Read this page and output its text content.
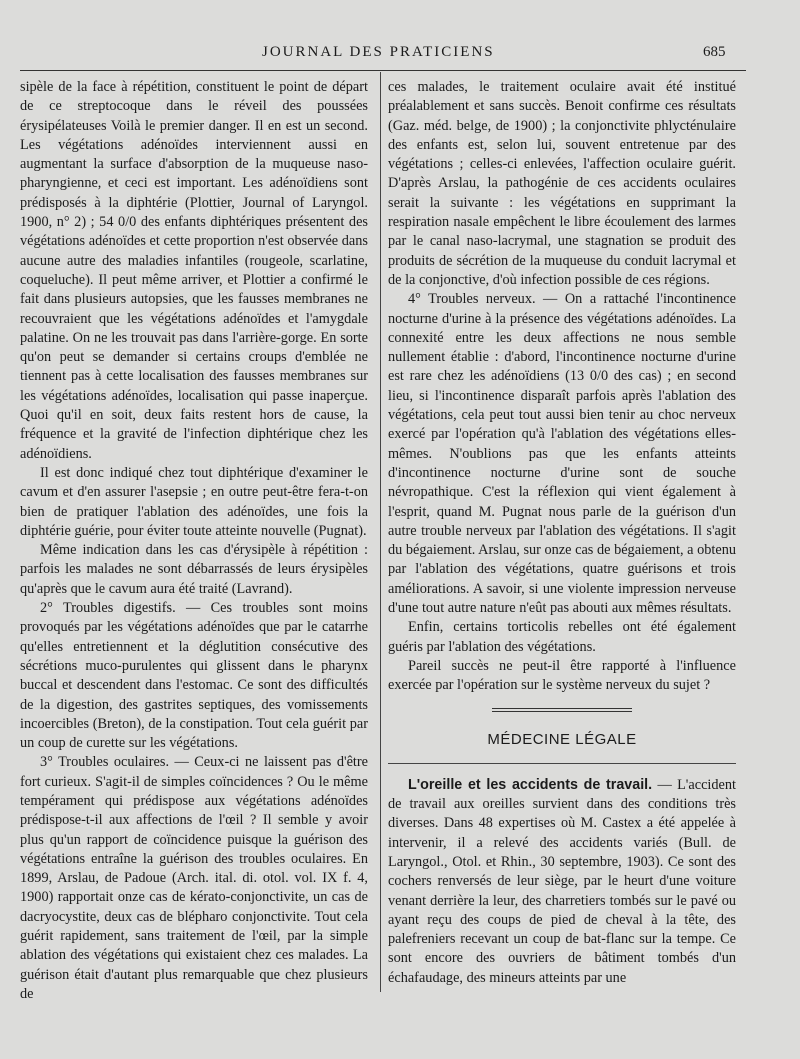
JOURNAL DES PRATICIENS	685

sipèle de la face à répétition, constituent le point de départ de ce streptocoque dans le réveil des poussées érysipélateuses Voilà le premier danger. Il en est un second. Les végétations adénoïdes interviennent aussi en augmentant la surface d'absorption de la muqueuse naso-pharyngienne, et ceci est important. Les adénoïdiens sont prédisposés à la diphtérie (Plottier, Journal of Laryngol. 1900, n° 2) ; 54 0/0 des enfants diphtériques présentent des végétations adénoïdes et cette proportion n'est observée dans aucune autre des maladies infantiles (rougeole, scarlatine, coqueluche). Il peut même arriver, et Plottier a confirmé le fait dans plusieurs autopsies, que les fausses membranes ne recouvraient que les végétations adénoïdes et l'amygdale palatine. On ne les trouvait pas dans l'arrière-gorge. En sorte qu'on peut se demander si certains croups d'emblée ne tiennent pas à cette localisation des fausses membranes sur les végétations adénoïdes, localisation qui passe inaperçue. Quoi qu'il en soit, deux faits restent hors de cause, la fréquence et la gravité de l'infection diphtérique chez les adénoïdiens.

Il est donc indiqué chez tout diphtérique d'examiner le cavum et d'en assurer l'asepsie ; en outre peut-être fera-t-on bien de pratiquer l'ablation des adénoïdes, une fois la diphtérie guérie, pour éviter toute atteinte nouvelle (Pugnat).

Même indication dans les cas d'érysipèle à répétition : parfois les malades ne sont débarrassés de leurs érysipèles qu'après que le cavum aura été traité (Lavrand).

2° Troubles digestifs. — Ces troubles sont moins provoqués par les végétations adénoïdes que par le catarrhe qu'elles entretiennent et la déglutition consécutive des sécrétions muco-purulentes qui glissent dans le pharynx buccal et descendent dans l'estomac. Ce sont des difficultés de la digestion, des gastrites septiques, des vomissements incoercibles (Breton), de la constipation. Tout cela guérit par un coup de curette sur les végétations.

3° Troubles oculaires. — Ceux-ci ne laissent pas d'être fort curieux. S'agit-il de simples coïncidences ? Ou le même tempérament qui prédispose aux végétations adénoïdes prédispose-t-il aux affections de l'œil ? Il semble y avoir plus qu'un rapport de coïncidence puisque la guérison des végétations entraîne la guérison des troubles oculaires. En 1899, Arslau, de Padoue (Arch. ital. di. otol. vol. IX f. 4, 1900) rapportait onze cas de kérato-conjonctivite, un cas de dacryocystite, deux cas de blépharo conjonctivite. Tout cela guérit rapidement, sans traitement de l'œil, par la simple ablation des végétations qui existaient chez ces malades. La guérison était d'autant plus remarquable que chez plusieurs de

ces malades, le traitement oculaire avait été institué préalablement et sans succès. Benoit confirme ces résultats (Gaz. méd. belge, de 1900) ; la conjonctivite phlycténulaire des enfants est, selon lui, souvent entretenue par des végétations ; celles-ci enlevées, l'affection oculaire guérit. D'après Arslau, la pathogénie de ces accidents oculaires serait la suivante : les végétations en supprimant la respiration nasale empêchent le libre écoulement des larmes par le canal naso-lacrymal, une stagnation se produit des produits de sécrétion de la muqueuse du conduit lacrymal et de la conjonctive, d'où infection possible de ces régions.

4° Troubles nerveux. — On a rattaché l'incontinence nocturne d'urine à la présence des végétations adénoïdes. La connexité entre les deux affections ne nous semble nullement établie : d'abord, l'incontinence nocturne d'urine est rare chez les adénoïdiens (13 0/0 des cas) ; en second lieu, si l'incontinence disparaît parfois après l'ablation des végétations, cela peut tout aussi bien tenir au choc nerveux exercé par l'opération qu'à l'ablation des végétations elles-mêmes. N'oublions pas que les enfants atteints d'incontinence nocturne d'urine sont de souche névropathique. C'est la réflexion qui vient également à l'esprit, quand M. Pugnat nous parle de la guérison d'un autre trouble nerveux par l'ablation des végétations. Il s'agit du bégaiement. Arslau, sur onze cas de bégaiement, a obtenu par l'ablation des végétations, quatre guérisons et trois améliorations. A savoir, si une violente impression nerveuse d'une tout autre nature n'eût pas abouti aux mêmes résultats.

Enfin, certains torticolis rebelles ont été également guéris par l'ablation des végétations.

Pareil succès ne peut-il être rapporté à l'influence exercée par l'opération sur le système nerveux du sujet ?

MÉDECINE LÉGALE

L'oreille et les accidents de travail. — L'accident de travail aux oreilles survient dans des conditions très diverses. Dans 48 expertises où M. Castex a été appelée à intervenir, il a relevé des accidents variés (Bull. de Laryngol., Otol. et Rhin., 30 septembre, 1903). Ce sont des cochers renversés de leur siège, par le heurt d'une voiture venant derrière la leur, des charretiers tombés sur le pavé ou ayant reçu des coups de pied de cheval à la tête, des palefreniers recevant un coup de bat-flanc sur la tempe. Ce sont encore des ouvriers de bâtiment tombés d'un échafaudage, des mineurs atteints par une
